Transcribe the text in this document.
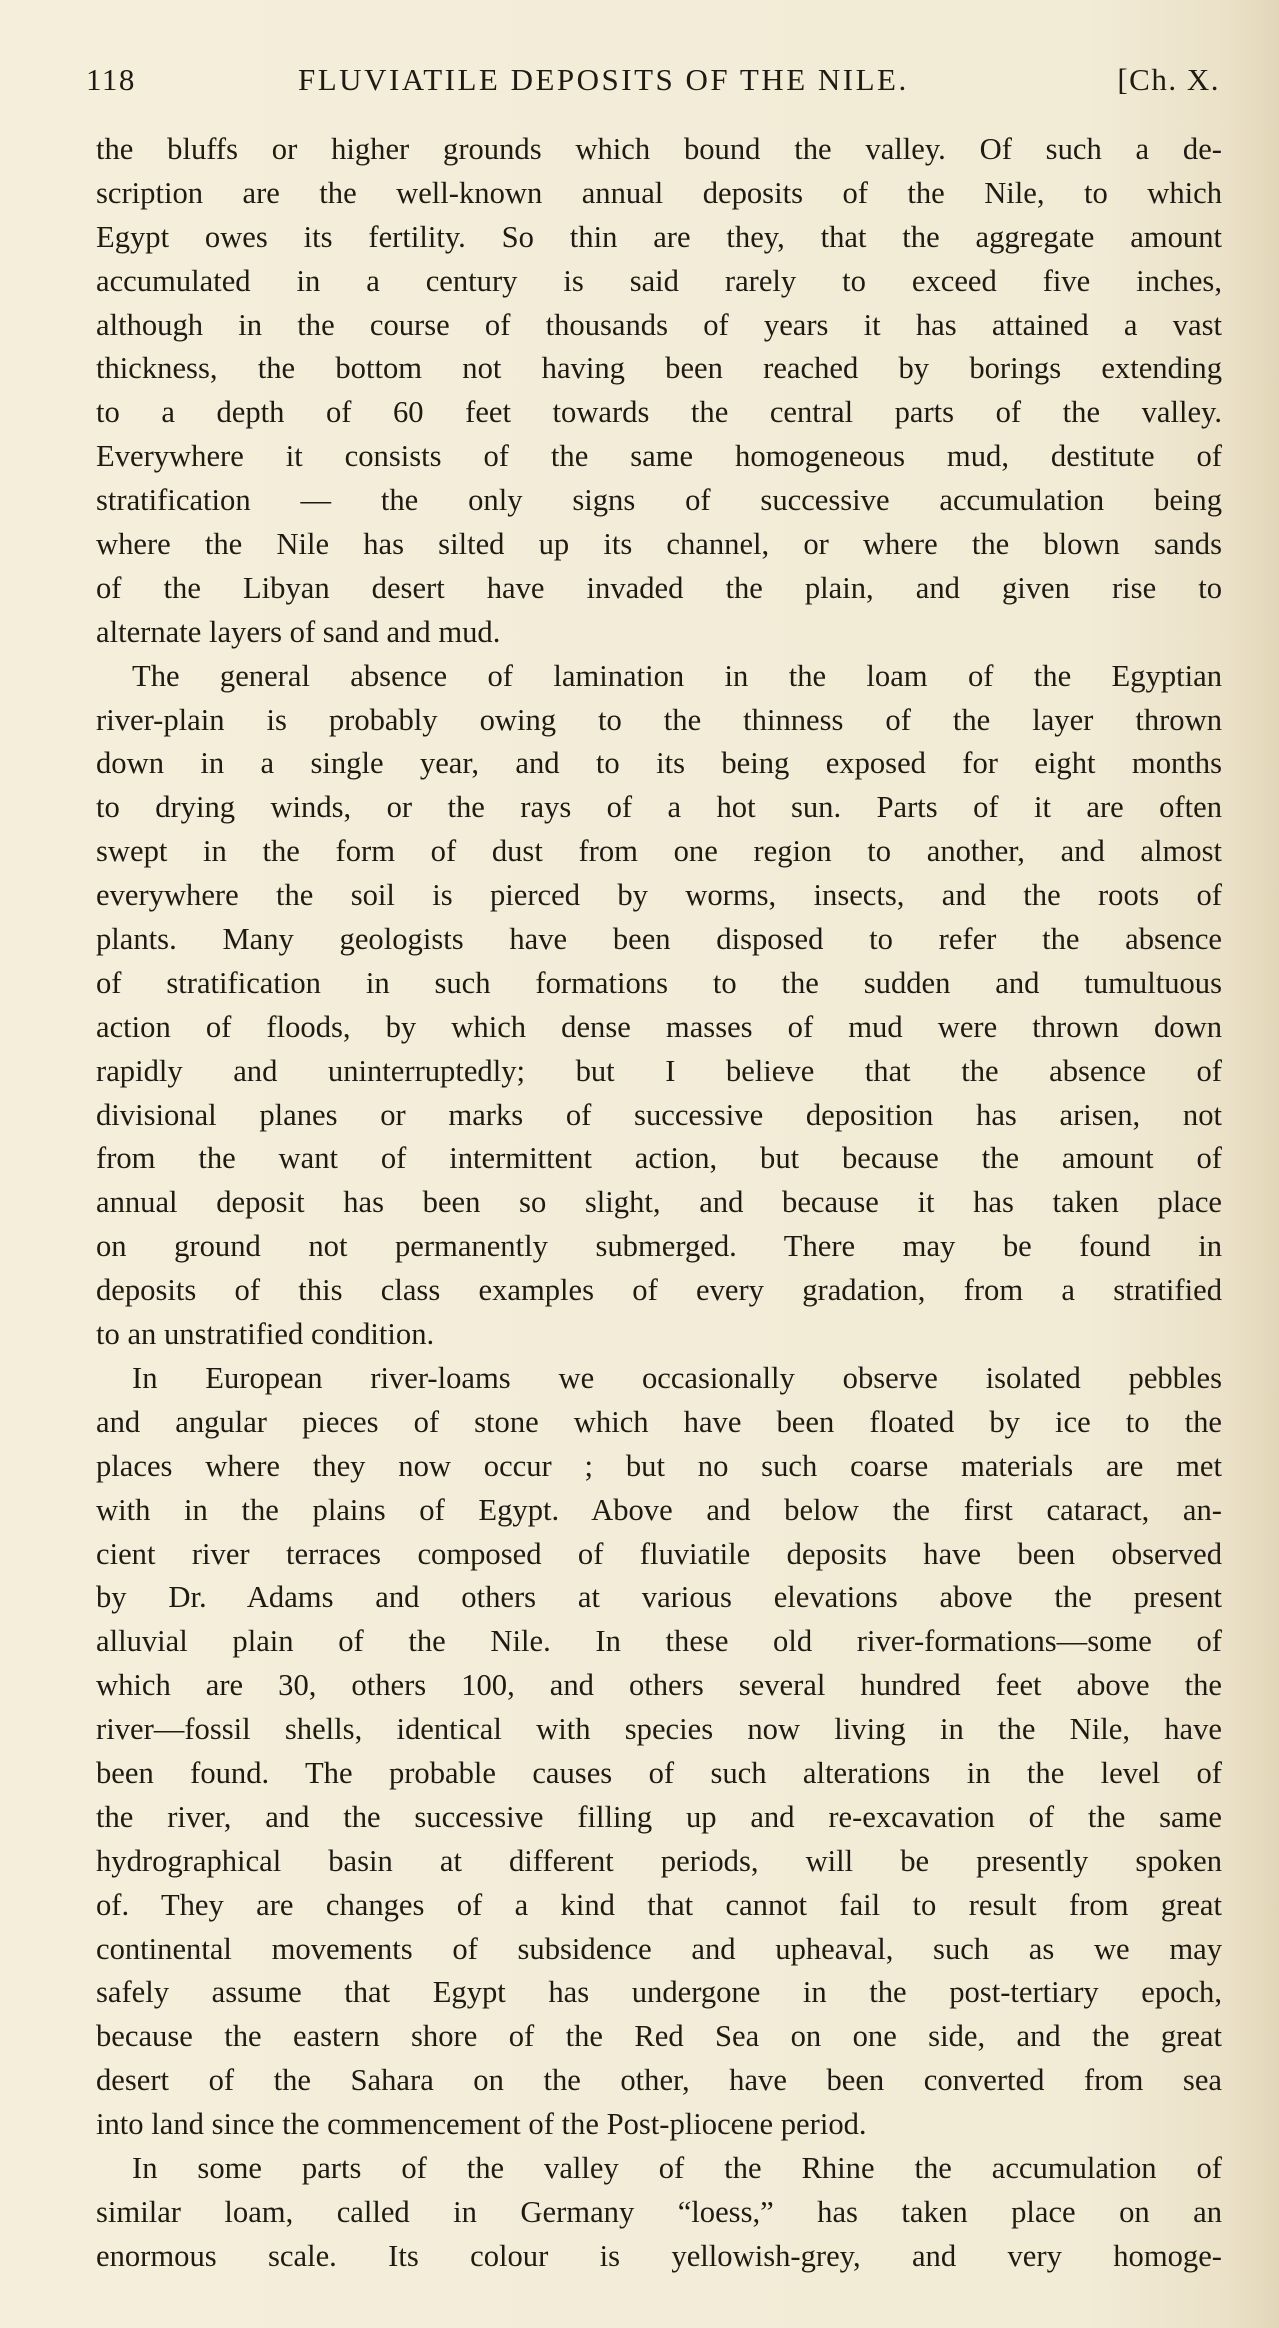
118	FLUVIATILE DEPOSITS OF THE NILE.	[Ch. X.
the bluffs or higher grounds which bound the valley. Of such a de-
scription are the well-known annual deposits of the Nile, to which
Egypt owes its fertility. So thin are they, that the aggregate amount
accumulated in a century is said rarely to exceed five inches,
although in the course of thousands of years it has attained a vast
thickness, the bottom not having been reached by borings extending
to a depth of 60 feet towards the central parts of the valley.
Everywhere it consists of the same homogeneous mud, destitute of
stratification — the only signs of successive accumulation being
where the Nile has silted up its channel, or where the blown sands
of the Libyan desert have invaded the plain, and given rise to
alternate layers of sand and mud.
The general absence of lamination in the loam of the Egyptian
river-plain is probably owing to the thinness of the layer thrown
down in a single year, and to its being exposed for eight months
to drying winds, or the rays of a hot sun. Parts of it are often
swept in the form of dust from one region to another, and almost
everywhere the soil is pierced by worms, insects, and the roots of
plants. Many geologists have been disposed to refer the absence
of stratification in such formations to the sudden and tumultuous
action of floods, by which dense masses of mud were thrown down
rapidly and uninterruptedly; but I believe that the absence of
divisional planes or marks of successive deposition has arisen, not
from the want of intermittent action, but because the amount of
annual deposit has been so slight, and because it has taken place
on ground not permanently submerged. There may be found in
deposits of this class examples of every gradation, from a stratified
to an unstratified condition.
In European river-loams we occasionally observe isolated pebbles
and angular pieces of stone which have been floated by ice to the
places where they now occur ; but no such coarse materials are met
with in the plains of Egypt. Above and below the first cataract, an-
cient river terraces composed of fluviatile deposits have been observed
by Dr. Adams and others at various elevations above the present
alluvial plain of the Nile. In these old river-formations—some of
which are 30, others 100, and others several hundred feet above the
river—fossil shells, identical with species now living in the Nile, have
been found. The probable causes of such alterations in the level of
the river, and the successive filling up and re-excavation of the same
hydrographical basin at different periods, will be presently spoken
of. They are changes of a kind that cannot fail to result from great
continental movements of subsidence and upheaval, such as we may
safely assume that Egypt has undergone in the post-tertiary epoch,
because the eastern shore of the Red Sea on one side, and the great
desert of the Sahara on the other, have been converted from sea
into land since the commencement of the Post-pliocene period.
In some parts of the valley of the Rhine the accumulation of
similar loam, called in Germany “loess,” has taken place on an
enormous scale. Its colour is yellowish-grey, and very homoge-
